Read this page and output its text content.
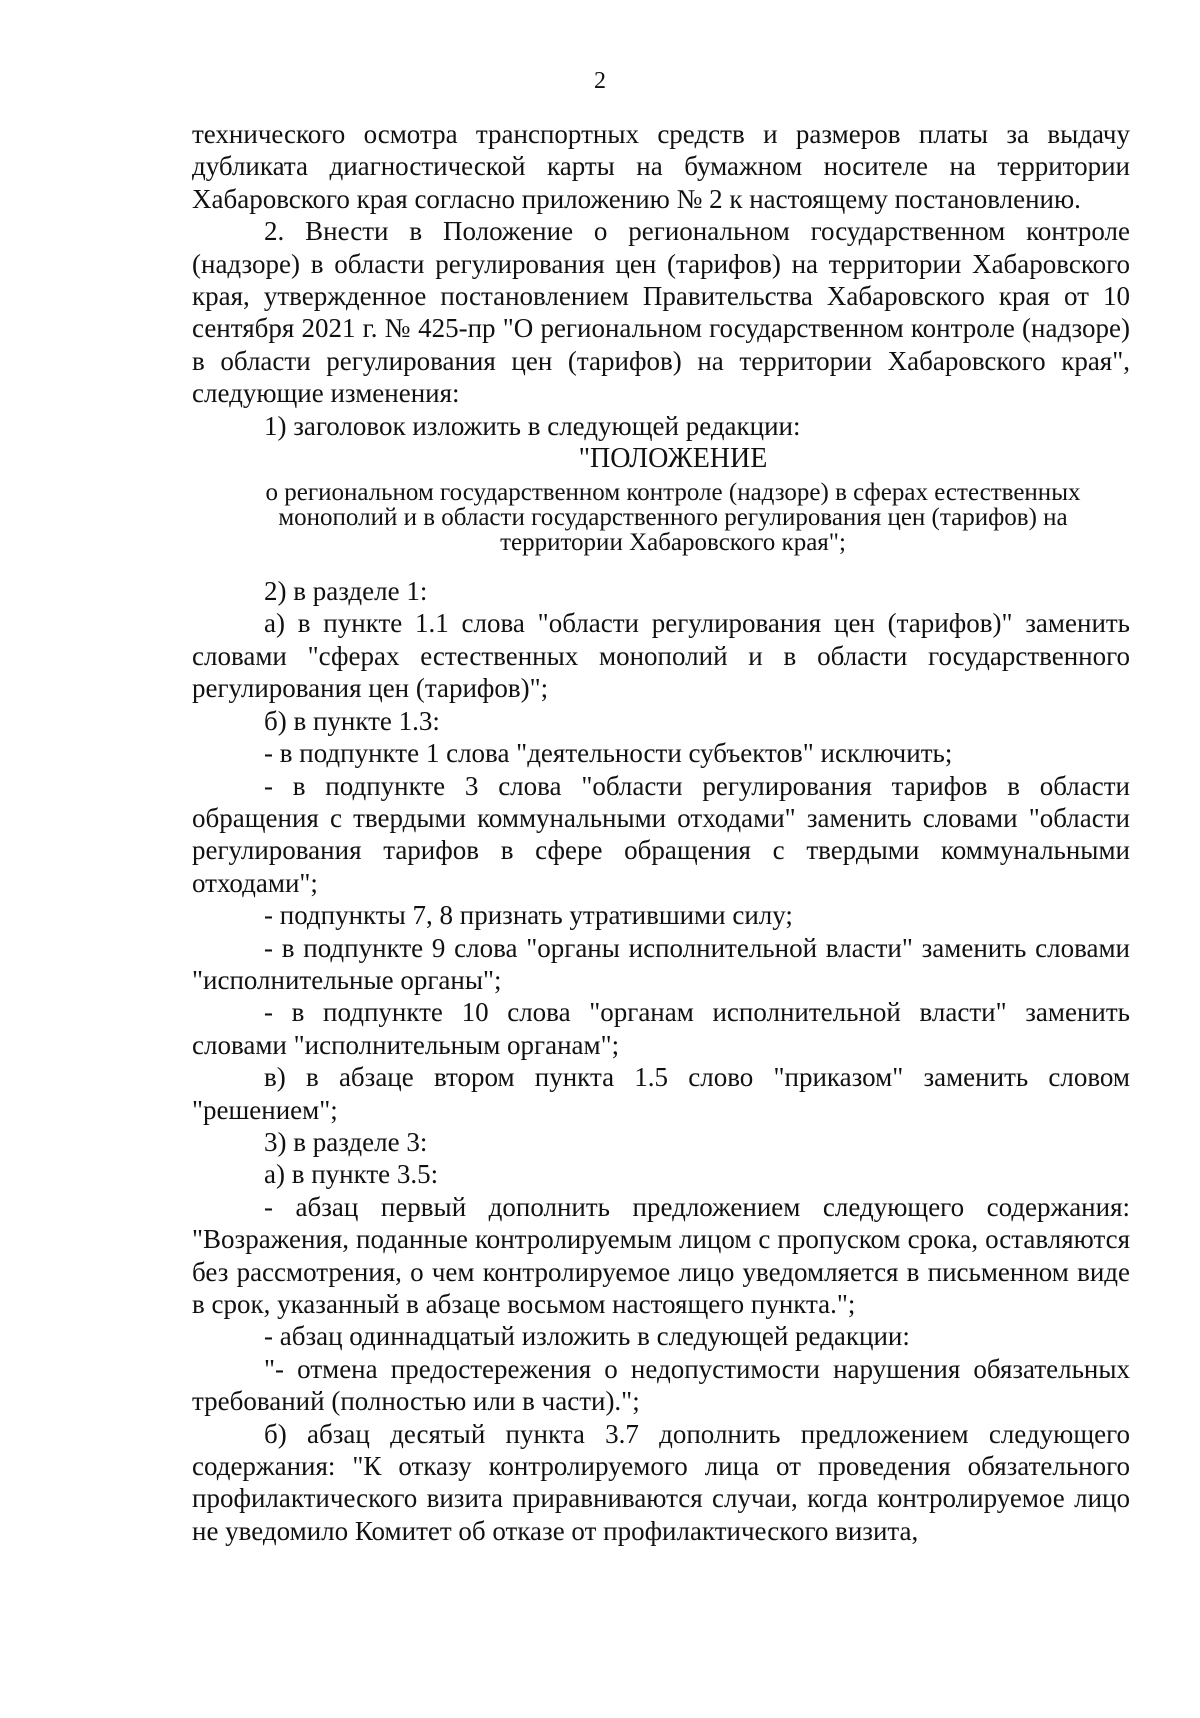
2

технического осмотра транспортных средств и размеров платы за выдачу дубликата диагностической карты на бумажном носителе на территории Хабаровского края согласно приложению № 2 к настоящему постановлению.

2. Внести в Положение о региональном государственном контроле (надзоре) в области регулирования цен (тарифов) на территории Хабаровского края, утвержденное постановлением Правительства Хабаровского края от 10 сентября 2021 г. № 425-пр "О региональном государственном контроле (надзоре) в области регулирования цен (тарифов) на территории Хабаровского края", следующие изменения:

1) заголовок изложить в следующей редакции:

"ПОЛОЖЕНИЕ

о региональном государственном контроле (надзоре) в сферах естественных монополий и в области государственного регулирования цен (тарифов) на территории Хабаровского края";

2) в разделе 1:

а) в пункте 1.1 слова "области регулирования цен (тарифов)" заменить словами "сферах естественных монополий и в области государственного регулирования цен (тарифов)";

б) в пункте 1.3:

- в подпункте 1 слова "деятельности субъектов" исключить;

- в подпункте 3 слова "области регулирования тарифов в области обращения с твердыми коммунальными отходами" заменить словами "области регулирования тарифов в сфере обращения с твердыми коммунальными отходами";

- подпункты 7, 8 признать утратившими силу;

- в подпункте 9 слова "органы исполнительной власти" заменить словами "исполнительные органы";

- в подпункте 10 слова "органам исполнительной власти" заменить словами "исполнительным органам";

в) в абзаце втором пункта 1.5 слово "приказом" заменить словом "решением";

3) в разделе 3:

а) в пункте 3.5:

- абзац первый дополнить предложением следующего содержания: "Возражения, поданные контролируемым лицом с пропуском срока, оставляются без рассмотрения, о чем контролируемое лицо уведомляется в письменном виде в срок, указанный в абзаце восьмом настоящего пункта.";

- абзац одиннадцатый изложить в следующей редакции:

"- отмена предостережения о недопустимости нарушения обязательных требований (полностью или в части).";

б) абзац десятый пункта 3.7 дополнить предложением следующего содержания: "К отказу контролируемого лица от проведения обязательного профилактического визита приравниваются случаи, когда контролируемое лицо не уведомило Комитет об отказе от профилактического визита,
